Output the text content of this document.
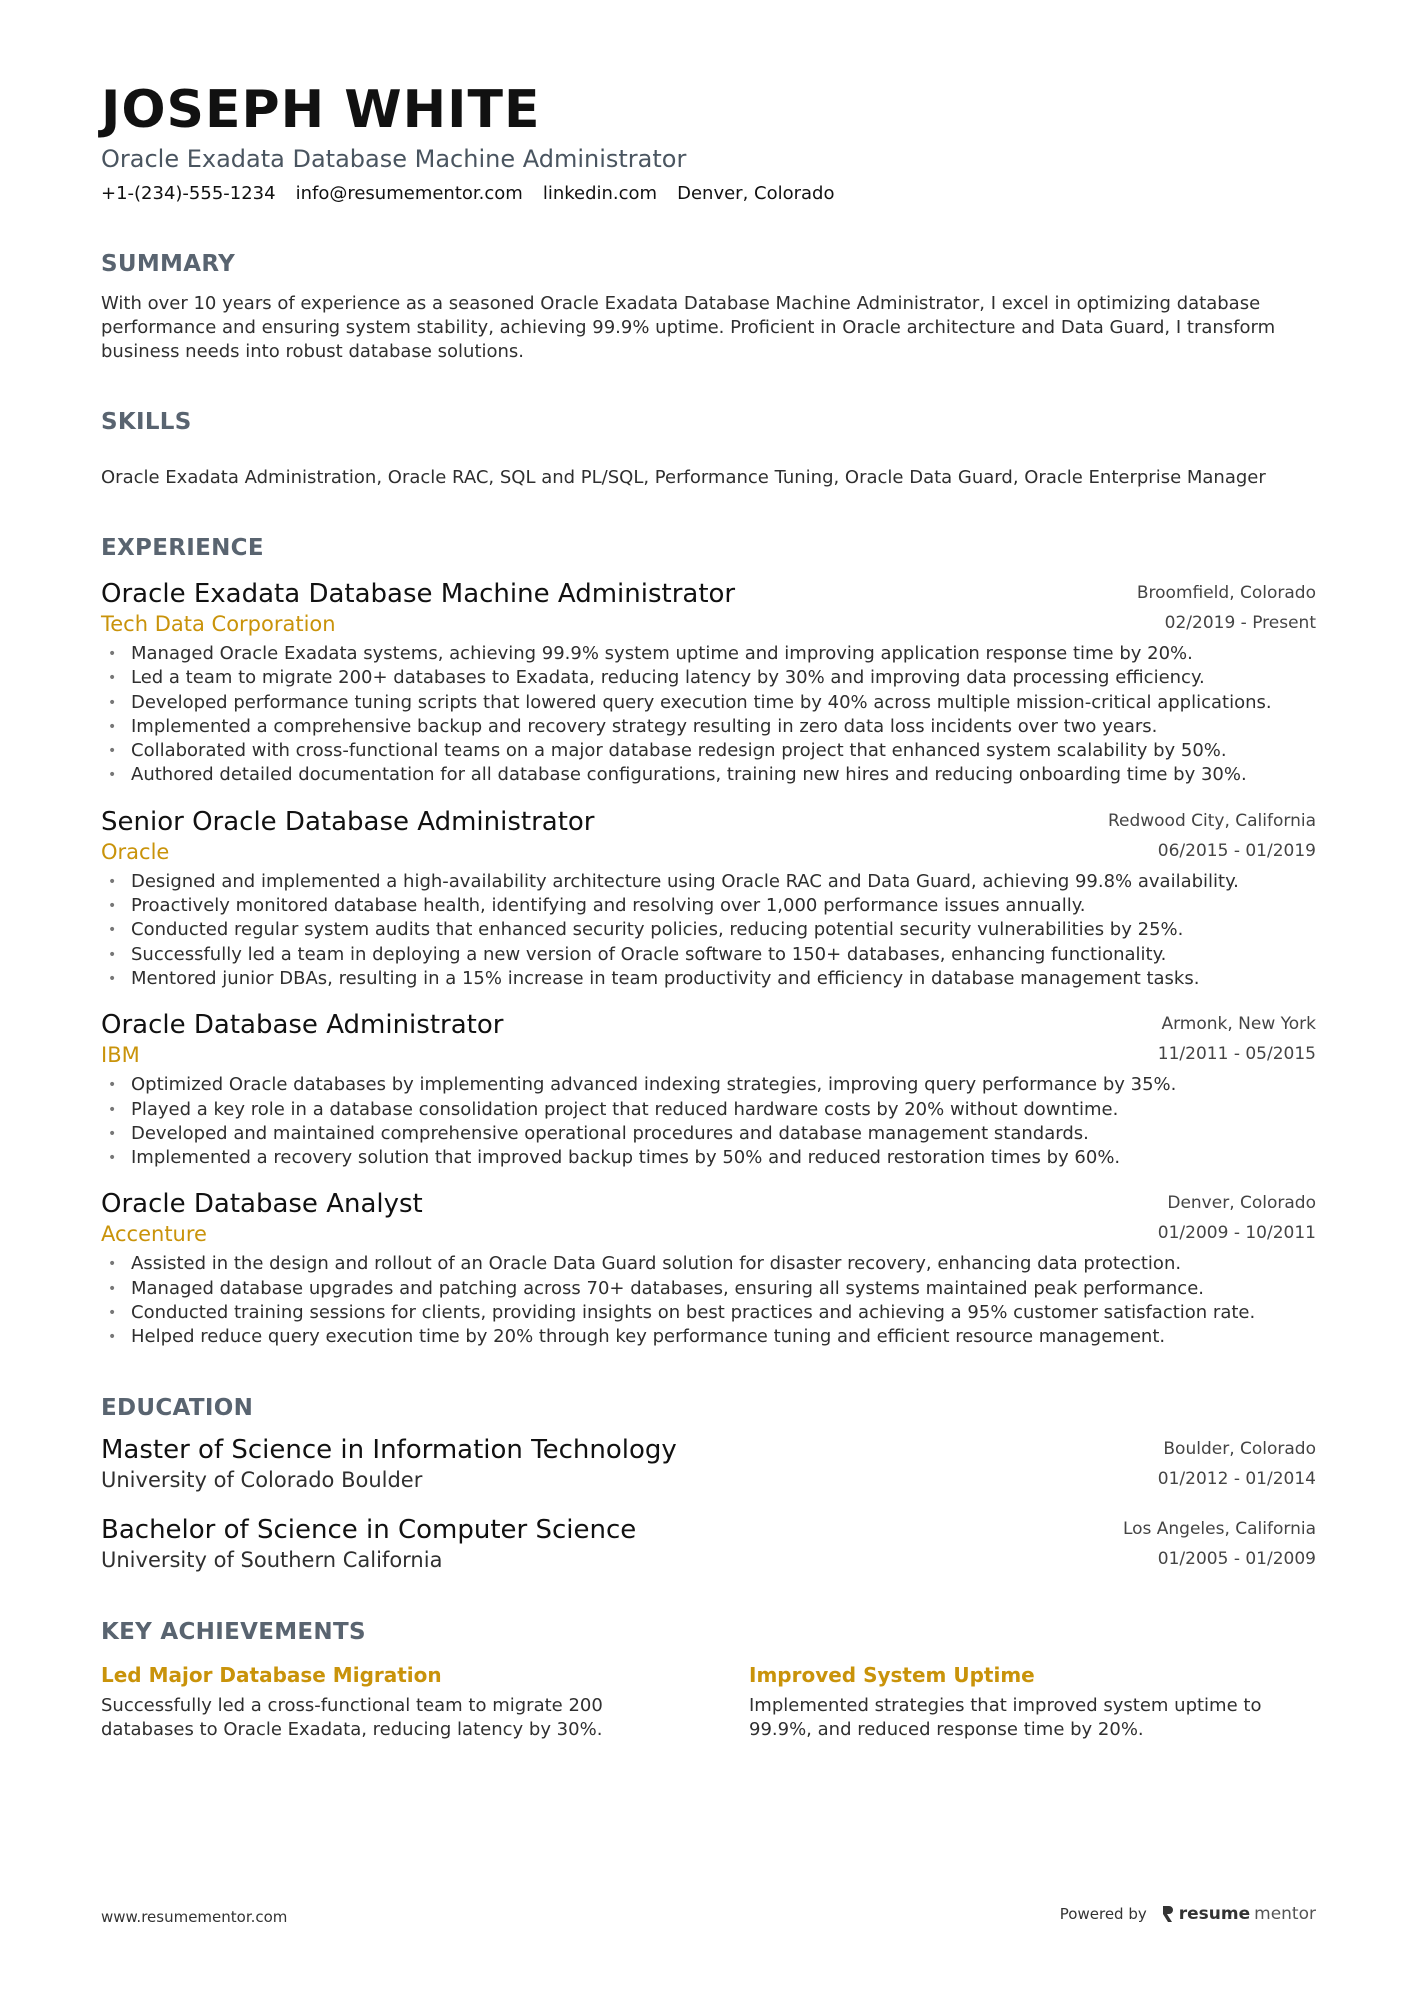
JOSEPH WHITE
Oracle Exadata Database Machine Administrator
+1-(234)-555-1234 info@resumementor.com linkedin.com Denver, Colorado
SUMMARY
With over 10 years of experience as a seasoned Oracle Exadata Database Machine Administrator, I excel in optimizing database performance and ensuring system stability, achieving 99.9% uptime. Proficient in Oracle architecture and Data Guard, I transform business needs into robust database solutions.
SKILLS
Oracle Exadata Administration, Oracle RAC, SQL and PL/SQL, Performance Tuning, Oracle Data Guard, Oracle Enterprise Manager
EXPERIENCE
Oracle Exadata Database Machine Administrator
Tech Data Corporation
Broomfield, Colorado
02/2019 - Present
• Managed Oracle Exadata systems, achieving 99.9% system uptime and improving application response time by 20%.
• Led a team to migrate 200+ databases to Exadata, reducing latency by 30% and improving data processing efficiency.
• Developed performance tuning scripts that lowered query execution time by 40% across multiple mission-critical applications.
• Implemented a comprehensive backup and recovery strategy resulting in zero data loss incidents over two years.
• Collaborated with cross-functional teams on a major database redesign project that enhanced system scalability by 50%.
• Authored detailed documentation for all database configurations, training new hires and reducing onboarding time by 30%.
Senior Oracle Database Administrator
Oracle
Redwood City, California
06/2015 - 01/2019
• Designed and implemented a high-availability architecture using Oracle RAC and Data Guard, achieving 99.8% availability.
• Proactively monitored database health, identifying and resolving over 1,000 performance issues annually.
• Conducted regular system audits that enhanced security policies, reducing potential security vulnerabilities by 25%.
• Successfully led a team in deploying a new version of Oracle software to 150+ databases, enhancing functionality.
• Mentored junior DBAs, resulting in a 15% increase in team productivity and efficiency in database management tasks.
Oracle Database Administrator
IBM
Armonk, New York
11/2011 - 05/2015
• Optimized Oracle databases by implementing advanced indexing strategies, improving query performance by 35%.
• Played a key role in a database consolidation project that reduced hardware costs by 20% without downtime.
• Developed and maintained comprehensive operational procedures and database management standards.
• Implemented a recovery solution that improved backup times by 50% and reduced restoration times by 60%.
Oracle Database Analyst
Accenture
Denver, Colorado
01/2009 - 10/2011
• Assisted in the design and rollout of an Oracle Data Guard solution for disaster recovery, enhancing data protection.
• Managed database upgrades and patching across 70+ databases, ensuring all systems maintained peak performance.
• Conducted training sessions for clients, providing insights on best practices and achieving a 95% customer satisfaction rate.
• Helped reduce query execution time by 20% through key performance tuning and efficient resource management.
EDUCATION
Master of Science in Information Technology
University of Colorado Boulder
Boulder, Colorado
01/2012 - 01/2014
Bachelor of Science in Computer Science
University of Southern California
Los Angeles, California
01/2005 - 01/2009
KEY ACHIEVEMENTS
Led Major Database Migration
Successfully led a cross-functional team to migrate 200 databases to Oracle Exadata, reducing latency by 30%.
Improved System Uptime
Implemented strategies that improved system uptime to 99.9%, and reduced response time by 20%.
www.resumementor.com	Powered by resume mentor
